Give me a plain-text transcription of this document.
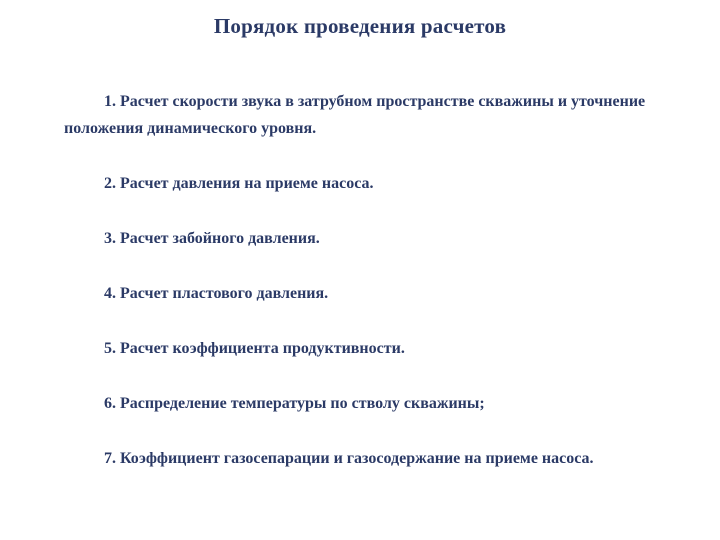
Порядок проведения расчетов
1. Расчет скорости звука в затрубном пространстве скважины и уточнение положения динамического уровня.
2. Расчет давления на приеме насоса.
3. Расчет забойного давления.
4. Расчет пластового давления.
5. Расчет коэффициента продуктивности.
6. Распределение температуры по стволу скважины;
7. Коэффициент газосепарации и газосодержание на приеме насоса.
